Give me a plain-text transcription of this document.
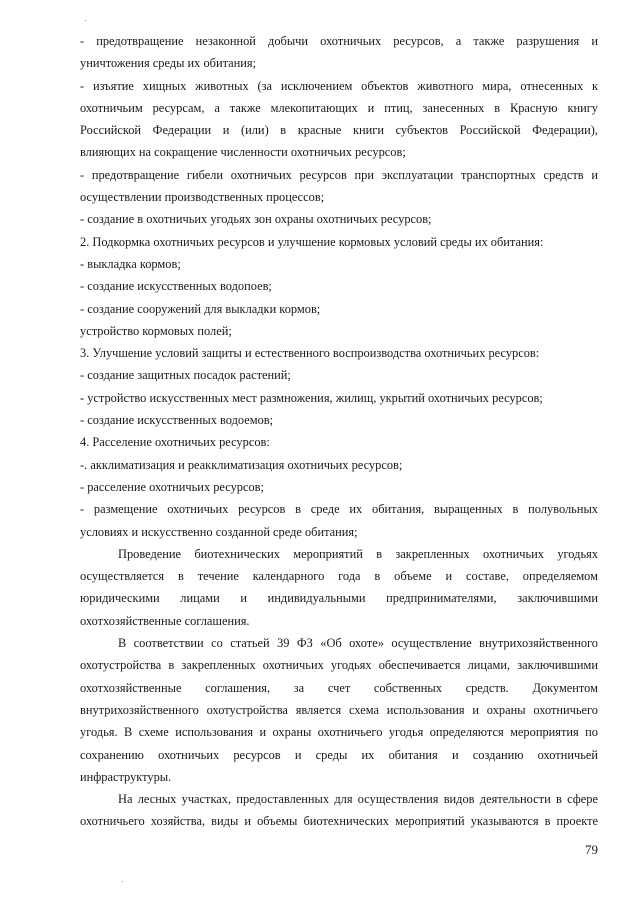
- предотвращение незаконной добычи охотничьих ресурсов, а также разрушения и
уничтожения среды их обитания;
- изъятие хищных животных (за исключением объектов животного мира, отнесенных к
охотничьим ресурсам, а также млекопитающих и птиц, занесенных в Красную книгу
Российской Федерации и (или) в красные книги субъектов Российской Федерации),
влияющих на сокращение численности охотничьих ресурсов;
- предотвращение гибели охотничьих ресурсов при эксплуатации транспортных средств и
осуществлении производственных процессов;
- создание в охотничьих угодьях зон охраны охотничьих ресурсов;
2. Подкормка охотничьих ресурсов и улучшение кормовых условий среды их обитания:
- выкладка кормов;
- создание искусственных водопоев;
- создание сооружений для выкладки кормов;
устройство кормовых полей;
3. Улучшение условий защиты и естественного воспроизводства охотничьих ресурсов:
- создание защитных посадок растений;
- устройство искусственных мест размножения, жилищ, укрытий охотничьих ресурсов;
- создание искусственных водоемов;
4. Расселение охотничьих ресурсов:
-. акклиматизация и реакклиматизация охотничьих ресурсов;
- расселение охотничьих ресурсов;
- размещение охотничьих ресурсов в среде их обитания, выращенных в полувольных
условиях и искусственно созданной среде обитания;
Проведение биотехнических мероприятий в закрепленных охотничьих угодьях
осуществляется в течение календарного года в объеме и составе, определяемом
юридическими лицами и индивидуальными предпринимателями, заключившими
охотхозяйственные соглашения.
В соответствии со статьей 39 ФЗ «Об охоте» осуществление внутрихозяйственного
охотустройства в закрепленных охотничьих угодьях обеспечивается лицами, заключившими
охотхозяйственные соглашения, за счет собственных средств. Документом
внутрихозяйственного охотустройства является схема использования и охраны охотничьего
угодья. В схеме использования и охраны охотничьего угодья определяются мероприятия по
сохранению охотничьих ресурсов и среды их обитания и созданию охотничьей
инфраструктуры.
На лесных участках, предоставленных для осуществления видов деятельности в сфере
охотничьего хозяйства, виды и объемы биотехнических мероприятий указываются в проекте
79
